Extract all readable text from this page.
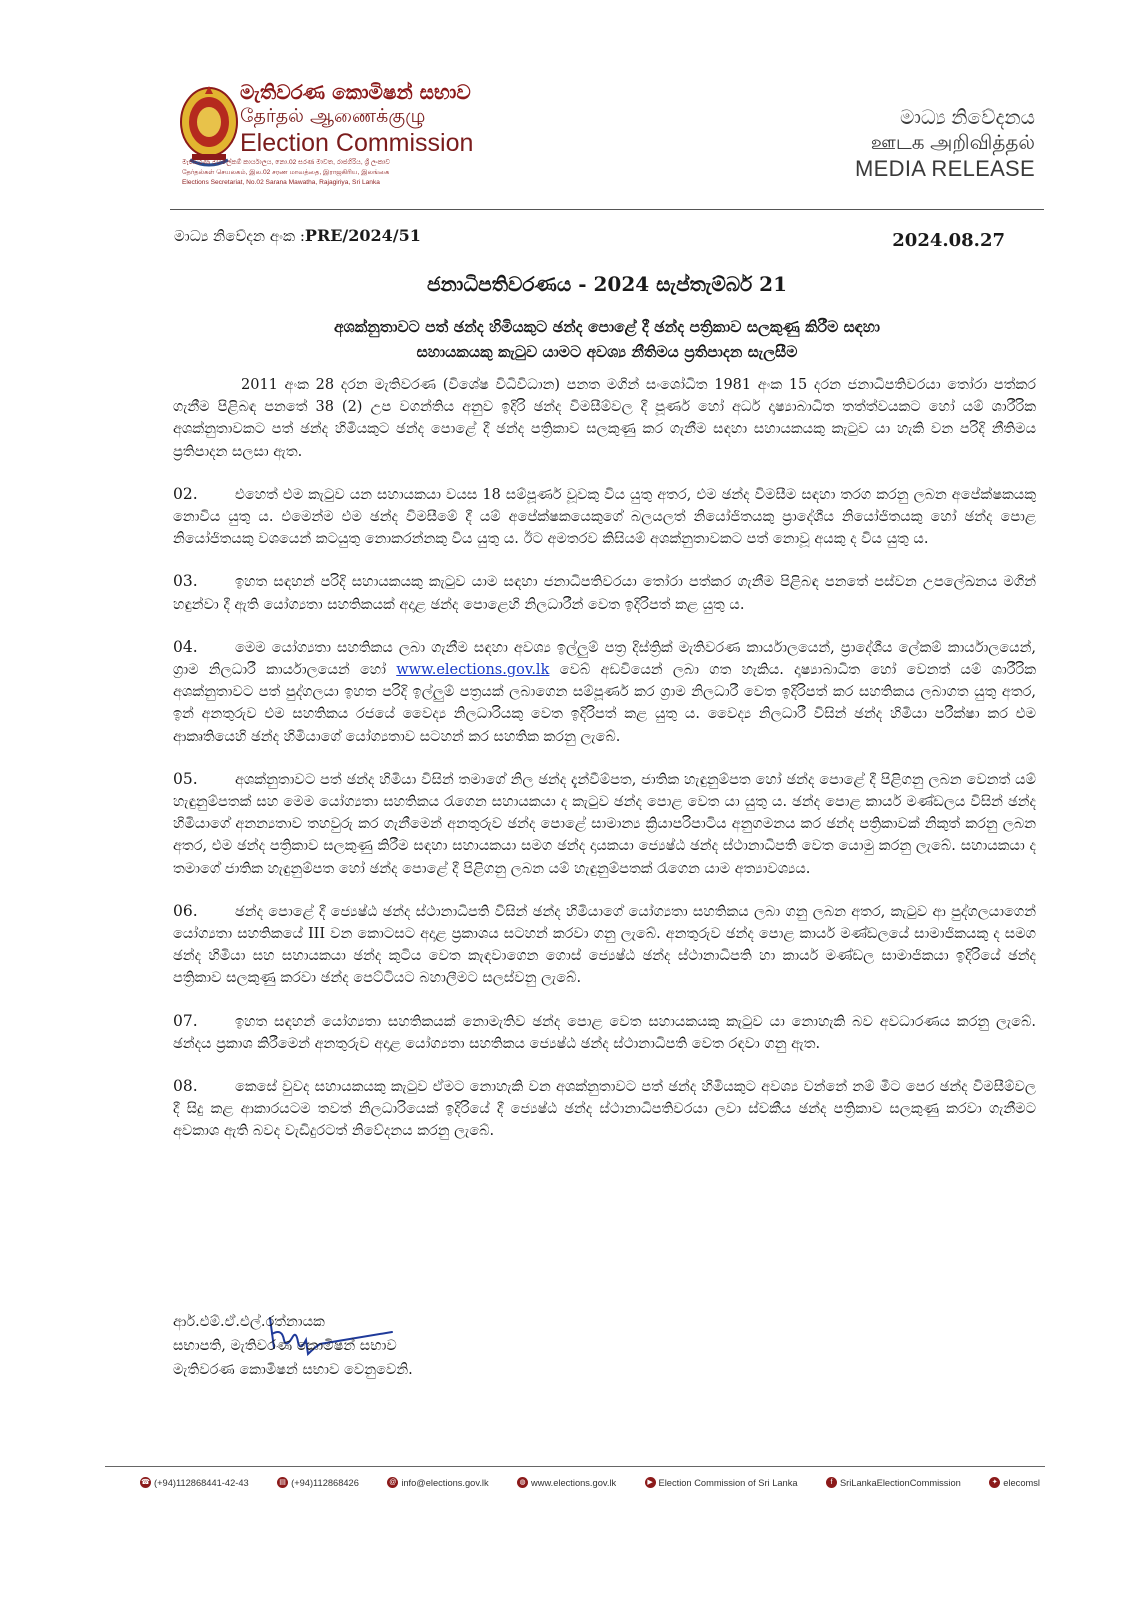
මැතිවරණ කොමිෂන් සභාව
தேர்தல் ஆணைக்குழு
Election Commission
මැතිවරණ මහලේකම් කාර්යාලය, නො.02 සරණ මාවත, රාජගිරිය, ශ්‍රී ලංකාව
தேர்தல்கள் செயலகம், இல.02 சரண மாவத்தை, இராஜகிரிய, இலங்கை
Elections Secretariat, No.02 Sarana Mawatha, Rajagiriya, Sri Lanka
මාධ්‍ය නිවේදනය
ஊடக அறிவித்தல்
MEDIA RELEASE
මාධ්‍ය නිවේදන අංක :PRE/2024/51	2024.08.27
ජනාධිපතිවරණය - 2024 සැප්තැම්බර් 21
අශක්නුතාවට පත් ඡන්ද හිමියකුට ඡන්ද පොළේ දී ඡන්ද පත්‍රිකාව සලකුණු කිරීම සඳහා
සහායකයකු කැටුව යාමට අවශ්‍ය නීතිමය ප්‍රතිපාදන සැලසීම

2011 අංක 28 දරන මැතිවරණ (විශේෂ විධිවිධාන) පනත මගින් සංශෝධිත 1981 අංක 15 දරන ජනාධිපතිවරයා තෝරා පත්කර ගැනීම පිළිබඳ පනතේ 38 (2) උප වගන්තිය අනුව ඉදිරි ඡන්ද විමසීම්වල දී පූර්ණ හෝ අර්ධ දෘෂ්‍යාබාධිත තත්ත්වයකට හෝ යම් ශාරීරික අශක්නුතාවකට පත් ඡන්ද හිමියකුට ඡන්ද පොළේ දී ඡන්ද පත්‍රිකාව සලකුණු කර ගැනීම සඳහා සහායකයකු කැටුව යා හැකි වන පරිදි නීතිමය ප්‍රතිපාදන සලසා ඇත.

02.	එහෙත් එම කැටුව යන සහායකයා වයස 18 සම්පූර්ණ වූවකු විය යුතු අතර, එම ඡන්ද විමසීම සඳහා තරග කරනු ලබන අපේක්ෂකයකු නොවිය යුතු ය. එමෙන්ම එම ඡන්ද විමසීමේ දී යම් අපේක්ෂකයෙකුගේ බලයලත් නියෝජිතයකු ප්‍රාදේශීය නියෝජිතයකු හෝ ඡන්ද පොළ නියෝජිතයකු වශයෙන් කටයුතු නොකරන්නකු විය යුතු ය. ඊට අමතරව කිසියම් අශක්නුතාවකට පත් නොවූ අයකු ද විය යුතු ය.

03.	ඉහත සඳහන් පරිදි සහායකයකු කැටුව යාම සඳහා ජනාධිපතිවරයා තෝරා පත්කර ගැනීම පිළිබඳ පනතේ පස්වන උපලේඛනය මගින් හඳුන්වා දී ඇති යෝග්‍යතා සහතිකයක් අදාළ ඡන්ද පොළෙහි නිලධාරීන් වෙත ඉදිරිපත් කළ යුතු ය.

04.	මෙම යෝග්‍යතා සහතිකය ලබා ගැනීම සඳහා අවශ්‍ය ඉල්ලුම් පත්‍ර දිස්ත්‍රික් මැතිවරණ කාර්යාලයෙන්, ප්‍රාදේශීය ලේකම් කාර්යාලයෙන්, ග්‍රාම නිලධාරී කාර්යාලයෙන් හෝ www.elections.gov.lk වෙබ් අඩවියෙන් ලබා ගත හැකිය. දෘෂ්‍යාබාධිත හෝ වෙනත් යම් ශාරීරික අශක්නුතාවට පත් පුද්ගලයා ඉහත පරිදි ඉල්ලුම් පත්‍රයක් ලබාගෙන සම්පූර්ණ කර ග්‍රාම නිලධාරී වෙත ඉදිරිපත් කර සහතිකය ලබාගත යුතු අතර, ඉන් අනතුරුව එම සහතිකය රජයේ වෛද්‍ය නිලධාරියකු වෙත ඉදිරිපත් කළ යුතු ය. වෛද්‍ය නිලධාරී විසින් ඡන්ද හිමියා පරීක්ෂා කර එම ආකෘතියෙහි ඡන්ද හිමියාගේ යෝග්‍යතාව සටහන් කර සහතික කරනු ලැබේ.

05.	අශක්නුතාවට පත් ඡන්ද හිමියා විසින් තමාගේ නිල ඡන්ද දැන්වීම්පත, ජාතික හැඳුනුම්පත හෝ ඡන්ද පොළේ දී පිළිගනු ලබන වෙනත් යම් හැඳුනුම්පතක් සහ මෙම යෝග්‍යතා සහතිකය රැගෙන සහායකයා ද කැටුව ඡන්ද පොළ වෙත යා යුතු ය. ඡන්ද පොළ කාර්ය මණ්ඩලය විසින් ඡන්ද හිමියාගේ අනන්‍යතාව තහවුරු කර ගැනීමෙන් අනතුරුව ඡන්ද පොළේ සාමාන්‍ය ක්‍රියාපරිපාටිය අනුගමනය කර ඡන්ද පත්‍රිකාවක් නිකුත් කරනු ලබන අතර, එම ඡන්ද පත්‍රිකාව සලකුණු කිරීම සඳහා සහායකයා සමග ඡන්ද දායකයා ජ්‍යෙෂ්ඨ ඡන්ද ස්ථානාධිපති වෙත යොමු කරනු ලැබේ. සහායකයා ද තමාගේ ජාතික හැඳුනුම්පත හෝ ඡන්ද පොළේ දී පිළිගනු ලබන යම් හැඳුනුම්පතක් රැගෙන යාම අත්‍යාවශ්‍යය.

06.	ඡන්ද පොළේ දී ජ්‍යෙෂ්ඨ ඡන්ද ස්ථානාධිපති විසින් ඡන්ද හිමියාගේ යෝග්‍යතා සහතිකය ලබා ගනු ලබන අතර, කැටුව ආ පුද්ගලයාගෙන් යෝග්‍යතා සහතිකයේ III වන කොටසට අදාළ ප්‍රකාශය සටහන් කරවා ගනු ලැබේ. අනතුරුව ඡන්ද පොළ කාර්ය මණ්ඩලයේ සාමාජිකයකු ද සමග ඡන්ද හිමියා සහ සහායකයා ඡන්ද කුටිය වෙත කැඳවාගෙන ගොස් ජ්‍යෙෂ්ඨ ඡන්ද ස්ථානාධිපති හා කාර්ය මණ්ඩල සාමාජිකයා ඉදිරියේ ඡන්ද පත්‍රිකාව සලකුණු කරවා ඡන්ද පෙට්ටියට බහාලීමට සලස්වනු ලැබේ.

07.	ඉහත සඳහන් යෝග්‍යතා සහතිකයක් නොමැතිව ඡන්ද පොළ වෙත සහායකයකු කැටුව යා නොහැකි බව අවධාරණය කරනු ලැබේ. ඡන්දය ප්‍රකාශ කිරීමෙන් අනතුරුව අදාළ යෝග්‍යතා සහතිකය ජ්‍යෙෂ්ඨ ඡන්ද ස්ථානාධිපති වෙත රඳවා ගනු ඇත.

08.	කෙසේ වුවද සහායකයකු කැටුව ඒමට නොහැකි වන අශක්නුතාවට පත් ඡන්ද හිමියකුට අවශ්‍ය වන්නේ නම් මීට පෙර ඡන්ද විමසීම්වල දී සිදු කළ ආකාරයටම තවත් නිලධාරියෙක් ඉදිරියේ දී ජ්‍යෙෂ්ඨ ඡන්ද ස්ථානාධිපතිවරයා ලවා ස්වකීය ඡන්ද පත්‍රිකාව සලකුණු කරවා ගැනීමට අවකාශ ඇති බවද වැඩිදුරටත් නිවේදනය කරනු ලැබේ.

ආර්.එම්.ඒ.එල්.රත්නායක
සභාපති, මැතිවරණ කොමිෂන් සභාව
මැතිවරණ කොමිෂන් සභාව වෙනුවෙනි.
☎ (+94)112868441-42-43	▤ (+94)112868426	@ info@elections.gov.lk	◍ www.elections.gov.lk	▶ Election Commission of Sri Lanka	f SriLankaElectionCommission	✦ elecomsl
